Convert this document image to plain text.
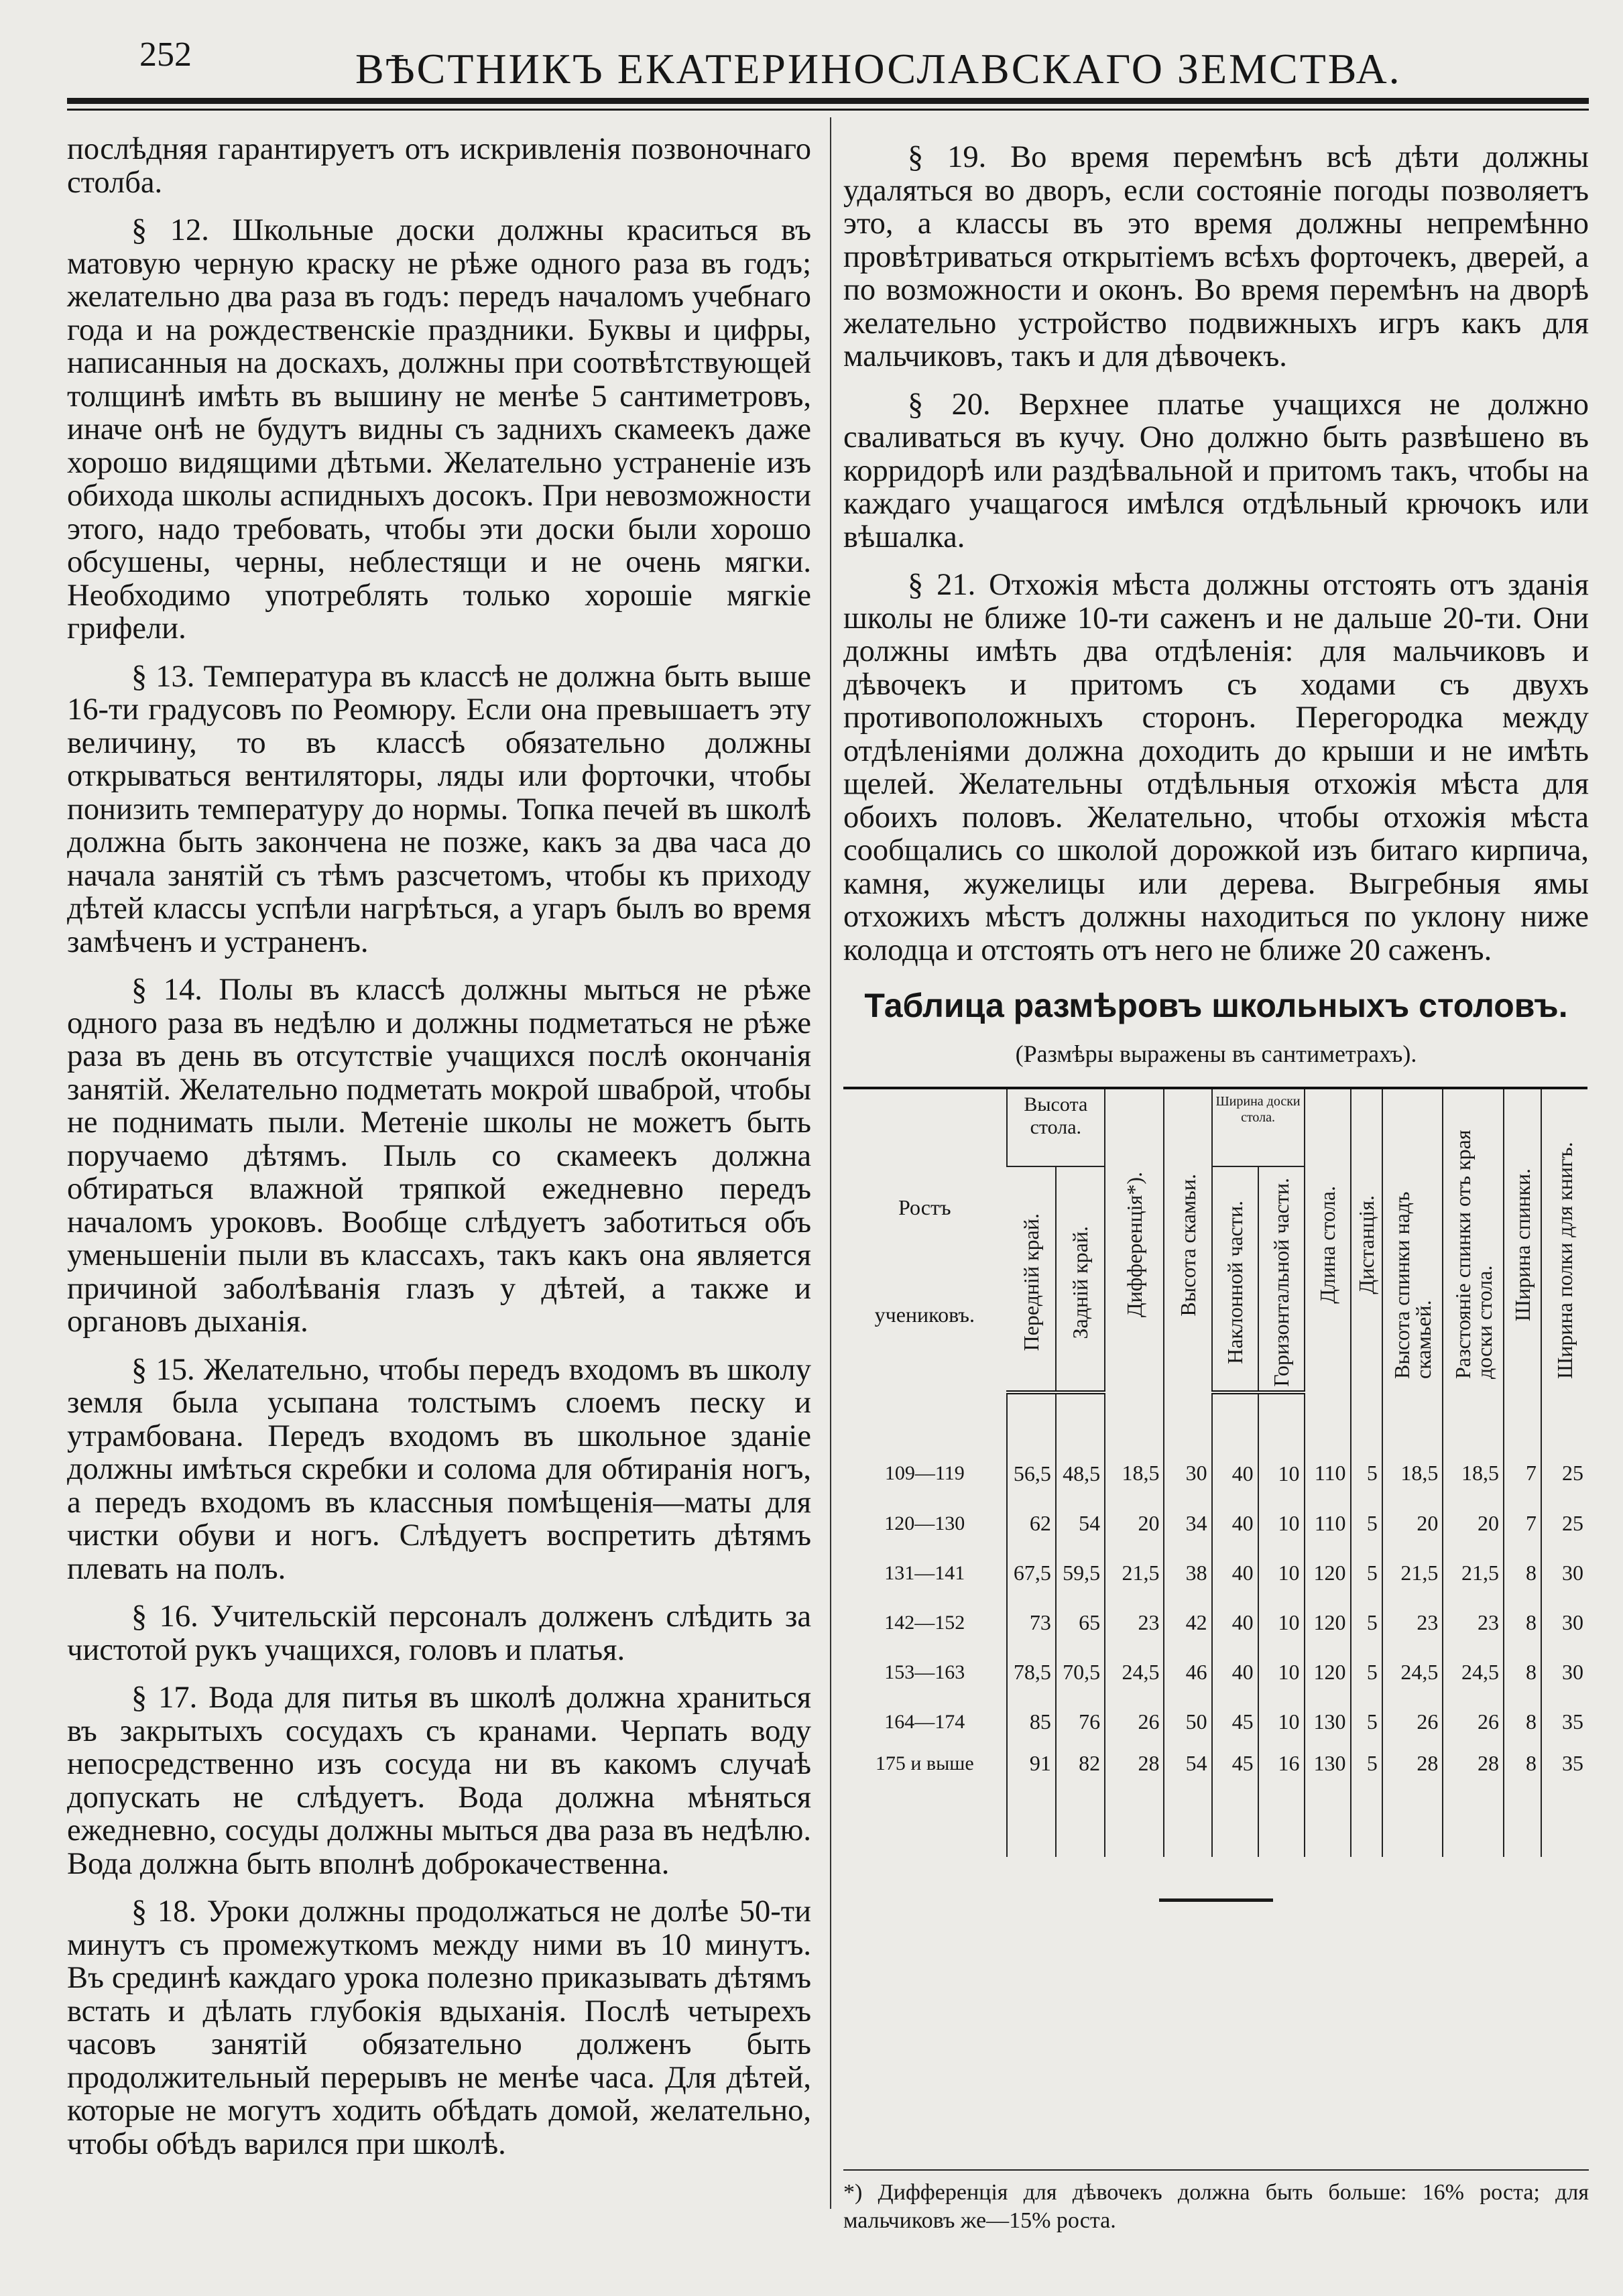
252	ВѢСТНИКЪ ЕКАТЕРИНОСЛАВСКАГО ЗЕМСТВА.

послѣдняя гарантируетъ отъ искривленія позвоночнаго столба.

§ 12. Школьные доски должны краситься въ матовую черную краску не рѣже одного раза въ годъ; желательно два раза въ годъ: передъ началомъ учебнаго года и на рождественскіе праздники. Буквы и цифры, написанныя на доскахъ, должны при соотвѣтствующей толщинѣ имѣть въ вышину не менѣе 5 сантиметровъ, иначе онѣ не будутъ видны съ заднихъ скамеекъ даже хорошо видящими дѣтьми. Желательно устраненіе изъ обихода школы аспидныхъ досокъ. При невозможности этого, надо требовать, чтобы эти доски были хорошо обсушены, черны, неблестящи и не очень мягки. Необходимо употреблять только хорошіе мягкіе грифели.

§ 13. Температура въ классѣ не должна быть выше 16-ти градусовъ по Реомюру. Если она превышаетъ эту величину, то въ классѣ обязательно должны открываться вентиляторы, ляды или форточки, чтобы понизить температуру до нормы. Топка печей въ школѣ должна быть закончена не позже, какъ за два часа до начала занятій съ тѣмъ разсчетомъ, чтобы къ приходу дѣтей классы успѣли нагрѣться, а угаръ былъ во время замѣченъ и устраненъ.

§ 14. Полы въ классѣ должны мыться не рѣже одного раза въ недѣлю и должны подметаться не рѣже раза въ день въ отсутствіе учащихся послѣ окончанія занятій. Желательно подметать мокрой шваброй, чтобы не поднимать пыли. Метеніе школы не можетъ быть поручаемо дѣтямъ. Пыль со скамеекъ должна обтираться влажной тряпкой ежедневно передъ началомъ уроковъ. Вообще слѣдуетъ заботиться объ уменьшеніи пыли въ классахъ, такъ какъ она является причиной заболѣванія глазъ у дѣтей, а также и органовъ дыханія.

§ 15. Желательно, чтобы передъ входомъ въ школу земля была усыпана толстымъ слоемъ песку и утрамбована. Передъ входомъ въ школьное зданіе должны имѣться скребки и солома для обтиранія ногъ, а передъ входомъ въ классныя помѣщенія—маты для чистки обуви и ногъ. Слѣдуетъ воспретить дѣтямъ плевать на полъ.

§ 16. Учительскій персоналъ долженъ слѣдить за чистотой рукъ учащихся, головъ и платья.

§ 17. Вода для питья въ школѣ должна храниться въ закрытыхъ сосудахъ съ кранами. Черпать воду непосредственно изъ сосуда ни въ какомъ случаѣ допускать не слѣдуетъ. Вода должна мѣняться ежедневно, сосуды должны мыться два раза въ недѣлю. Вода должна быть вполнѣ доброкачественна.

§ 18. Уроки должны продолжаться не долѣе 50-ти минутъ съ промежуткомъ между ними въ 10 минутъ. Въ срединѣ каждаго урока полезно приказывать дѣтямъ встать и дѣлать глубокія вдыханія. Послѣ четырехъ часовъ занятій обязательно долженъ быть продолжительный перерывъ не менѣе часа. Для дѣтей, которые не могутъ ходить обѣдать домой, желательно, чтобы обѣдъ варился при школѣ.

§ 19. Во время перемѣнъ всѣ дѣти должны удаляться во дворъ, если состояніе погоды позволяетъ это, а классы въ это время должны непремѣнно провѣтриваться открытіемъ всѣхъ форточекъ, дверей, а по возможности и оконъ. Во время перемѣнъ на дворѣ желательно устройство подвижныхъ игръ какъ для мальчиковъ, такъ и для дѣвочекъ.

§ 20. Верхнее платье учащихся не должно сваливаться въ кучу. Оно должно быть развѣшено въ корридорѣ или раздѣвальной и притомъ такъ, чтобы на каждаго учащагося имѣлся отдѣльный крючокъ или вѣшалка.

§ 21. Отхожія мѣста должны отстоять отъ зданія школы не ближе 10-ти саженъ и не дальше 20-ти. Они должны имѣть два отдѣленія: для мальчиковъ и дѣвочекъ и притомъ съ ходами съ двухъ противоположныхъ сторонъ. Перегородка между отдѣленіями должна доходить до крыши и не имѣть щелей. Желательны отдѣльныя отхожія мѣста для обоихъ половъ. Желательно, чтобы отхожія мѣста сообщались со школой дорожкой изъ битаго кирпича, камня, жужелицы или дерева. Выгребныя ямы отхожихъ мѣстъ должны находиться по уклону ниже колодца и отстоять отъ него не ближе 20 саженъ.

Таблица размѣровъ школьныхъ столовъ.
(Размѣры выражены въ сантиметрахъ).
Ростъ
учениковъ.	Высота стола.		Дифференція*).	Высота скамьи.	Ширина доски стола.		Длина стола.	Дистанція.	Высота спинки надъ скамьей.	Разстояніе спинки отъ края доски стола.	Ширина спинки.	Ширина полки для книгъ.

	Передній край.	Задній край.			Наклонной части.	Горизонтальной части.						

109—119	56,5	48,5	18,5	30	40	10	110	5	18,5	18,5	7	25
120—130	62	54	20	34	40	10	110	5	20	20	7	25
131—141	67,5	59,5	21,5	38	40	10	120	5	21,5	21,5	8	30
142—152	73	65	23	42	40	10	120	5	23	23	8	30
153—163	78,5	70,5	24,5	46	40	10	120	5	24,5	24,5	8	30
164—174	85	76	26	50	45	10	130	5	26	26	8	35
175 и выше	91	82	28	54	45	16	130	5	28	28	8	35
*) Дифференція для дѣвочекъ должна быть больше: 16% роста; для мальчиковъ же—15% роста.
